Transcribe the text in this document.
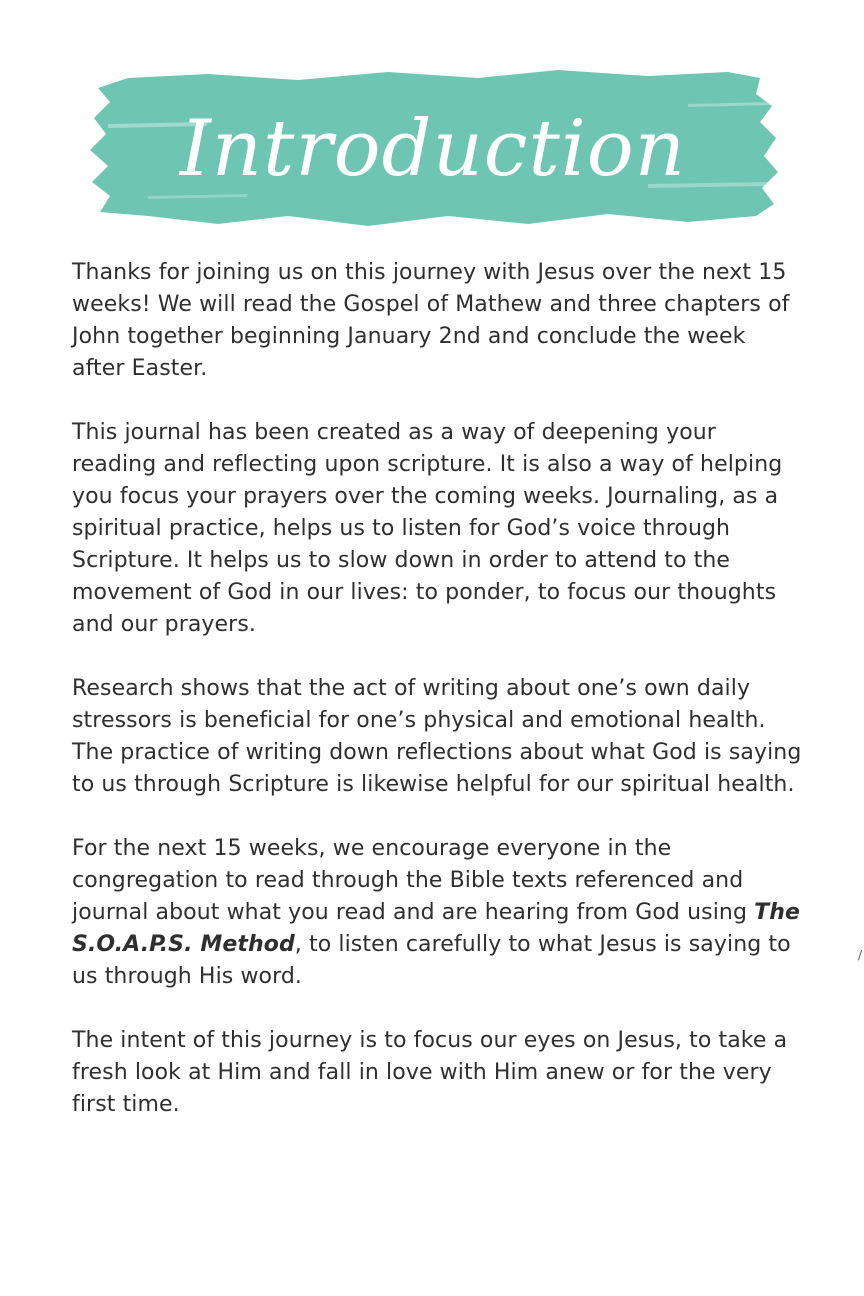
Introduction

Thanks for joining us on this journey with Jesus over the next 15 weeks! We will read the Gospel of Mathew and three chapters of John together beginning January 2nd and conclude the week after Easter.

This journal has been created as a way of deepening your reading and reflecting upon scripture. It is also a way of helping you focus your prayers over the coming weeks. Journaling, as a spiritual practice, helps us to listen for God’s voice through Scripture. It helps us to slow down in order to attend to the movement of God in our lives: to ponder, to focus our thoughts and our prayers.

Research shows that the act of writing about one’s own daily stressors is beneficial for one’s physical and emotional health. The practice of writing down reflections about what God is saying to us through Scripture is likewise helpful for our spiritual health.

For the next 15 weeks, we encourage everyone in the congregation to read through the Bible texts referenced and journal about what you read and are hearing from God using The S.O.A.P.S. Method, to listen carefully to what Jesus is saying to us through His word.

The intent of this journey is to focus our eyes on Jesus, to take a fresh look at Him and fall in love with Him anew or for the very first time.

/
